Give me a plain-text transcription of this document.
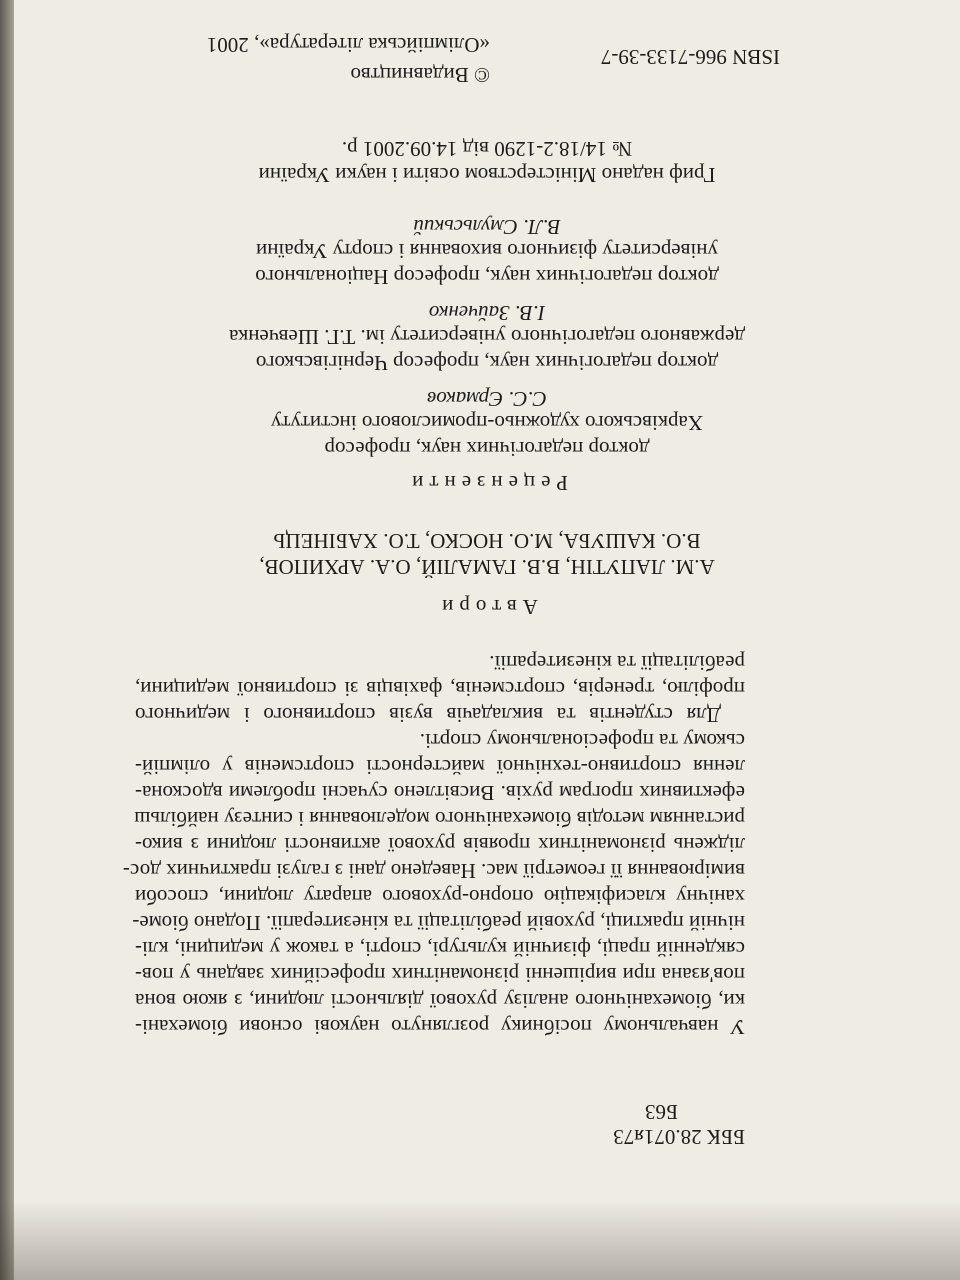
ББК 28.071я73
Б63
У навчальному посібнику розглянуто наукові основи біомехані-
ки, біомеханічного аналізу рухової діяльності людини, з якою вона
пов'язана при вирішенні різноманітних професійних завдань у пов-
сякденній праці, фізичній культурі, спорті, а також у медицині, клі-
нічній практиці, руховій реабілітації та кінезитерапії. Подано біоме-
ханічну класифікацію опорно-рухового апарату людини, способи
вимірювання її геометрії мас. Наведено дані з галузі практичних дос-
ліджень різноманітних проявів рухової активності людини з вико-
ристанням методів біомеханічного моделювання і синтезу найбільш
ефективних програм рухів. Висвітлено сучасні проблеми вдоскона-
лення спортивно-технічної майстерності спортсменів у олімпій-
ському та професіональному спорті.
Для студентів та викладачів вузів спортивного і медичного
профілю, тренерів, спортсменів, фахівців зі спортивної медицини,
реабілітації та кінезитерапії.
Автори
А.М. ЛАПУТІН, В.В. ГАМАЛІЙ, О.А. АРХИПОВ,
В.О. КАШУБА, М.О. НОСКО, Т.О. ХАБІНЕЦЬ
Рецензенти
доктор педагогічних наук, професор
Харківського художньо-промислового інституту
С.С. Єрмаков
доктор педагогічних наук, професор Чернігівського
державного педагогічного університету ім. Т.Г. Шевченка
І.В. Зайченко
доктор педагогічних наук, професор Національного
університету фізичного виховання і спорту України
В.Л. Смульський
Гриф надано Міністерством освіти і науки України
№ 14/18.2-1290 від 14.09.2001 р.
ISBN 966-7133-39-7
© Видавництво
«Олімпійська література», 2001
